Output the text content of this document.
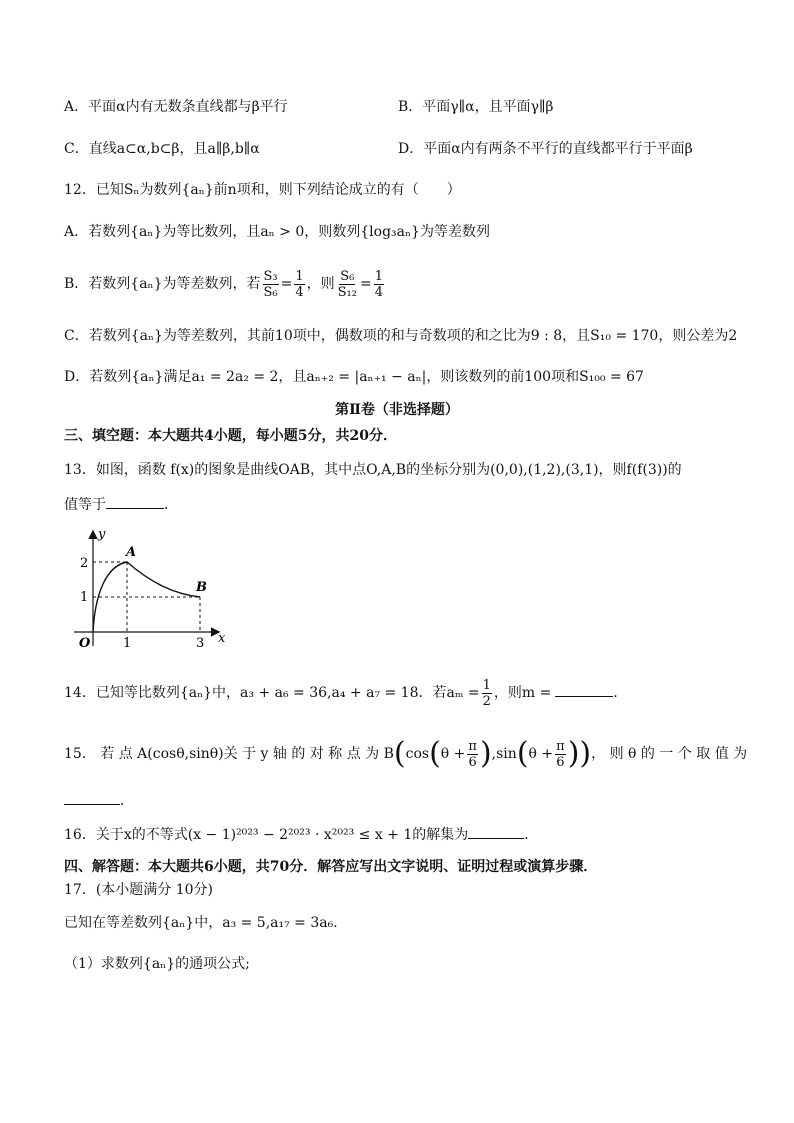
A．平面α内有无数条直线都与β平行	B．平面γ∥α，且平面γ∥β
C．直线a⊂α,b⊂β，且a∥β,b∥α	D．平面α内有两条不平行的直线都平行于平面β
12．已知Sₙ为数列{aₙ}前n项和，则下列结论成立的有（　　）
A．若数列{aₙ}为等比数列，且aₙ > 0，则数列{log₃aₙ}为等差数列
B．若数列{aₙ}为等差数列，若 $\frac{\text{S₃}}{\text{S₆}} = \frac{1}{4}$ ，则 $\frac{\text{S₆}}{\text{S₁₂}} = \frac{1}{4}$
C．若数列{aₙ}为等差数列，其前10项中，偶数项的和与奇数项的和之比为9 : 8，且S₁₀ = 170，则公差为2
D．若数列{aₙ}满足a₁ = 2a₂ = 2，且aₙ₊₂ = |aₙ₊₁ − aₙ|，则该数列的前100项和S₁₀₀ = 67
第Ⅱ卷（非选择题）
三、填空题：本大题共4小题，每小题5分，共20分．
13．如图，函数 f(x)的图象是曲线OAB，其中点O,A,B的坐标分别为(0,0),(1,2),(3,1)，则f(f(3))的
值等于	．
y
x
O
A
B
2
1
1	3
14．已知等比数列{aₙ}中，a₃ + a₆ = 36,a₄ + a₇ = 18．若$a_m = \frac{1}{2}$ ，则m =	．
15． 若 点 A(cosθ,sinθ)关 于 y 轴 的 对 称 点 为 $B(\cos(\theta + \frac{\pi}{6} ),\sin(\theta + \frac{\pi}{6}$ ))， 则 θ 的 一 个 取 值 为
．
16．关于x的不等式(x − 1)²⁰²³ − 2²⁰²³ · x²⁰²³ ≤ x + 1的解集为	．
四、解答题：本大题共6小题，共70分．解答应写出文字说明、证明过程或演算步骤．
17．(本小题满分 10分)
已知在等差数列{aₙ}中，a₃ = 5,a₁₇ = 3a₆．
（1）求数列{aₙ}的通项公式;
